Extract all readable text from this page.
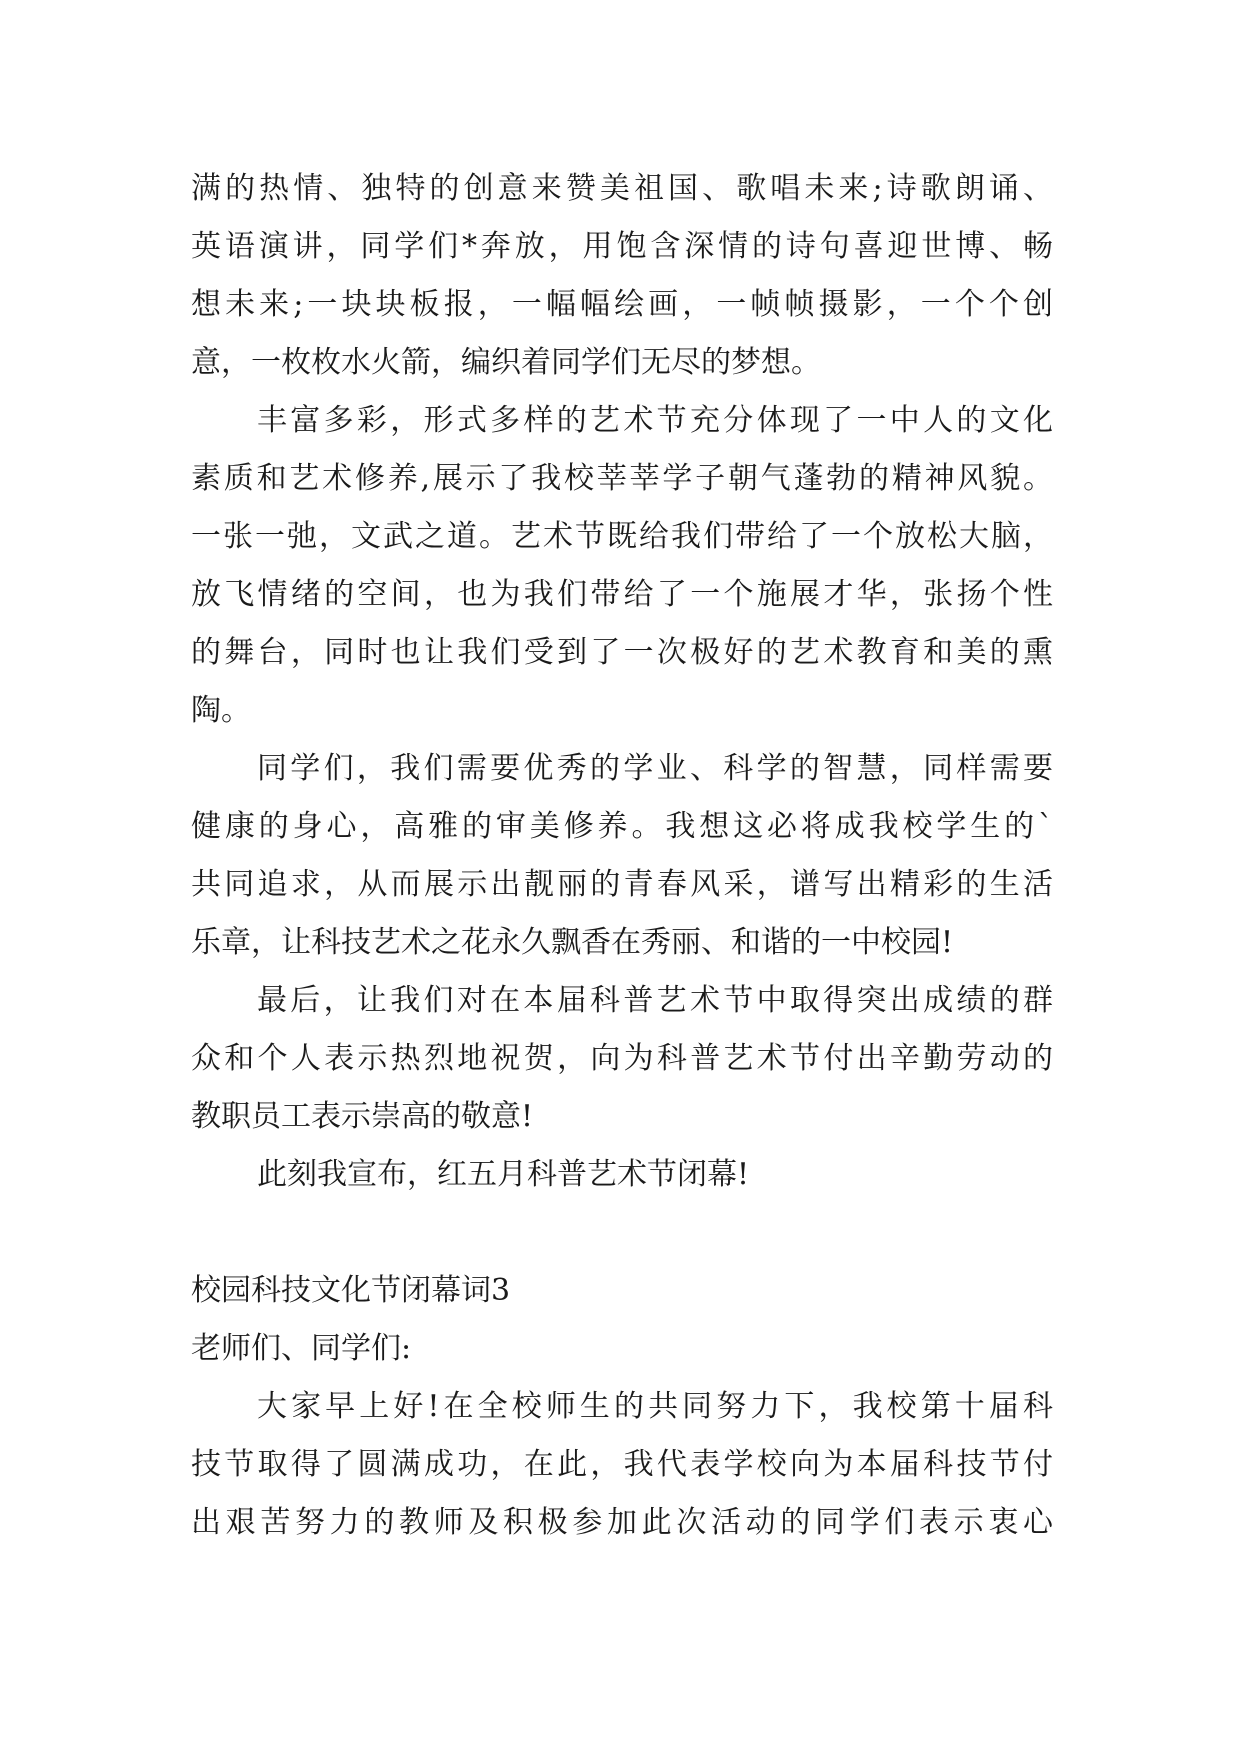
满的热情、独特的创意来赞美祖国、歌唱未来;诗歌朗诵、
英语演讲，同学们*奔放，用饱含深情的诗句喜迎世博、畅
想未来;一块块板报，一幅幅绘画，一帧帧摄影，一个个创
意，一枚枚水火箭，编织着同学们无尽的梦想。
丰富多彩，形式多样的艺术节充分体现了一中人的文化
素质和艺术修养,展示了我校莘莘学子朝气蓬勃的精神风貌。
一张一弛，文武之道。艺术节既给我们带给了一个放松大脑，
放飞情绪的空间，也为我们带给了一个施展才华，张扬个性
的舞台，同时也让我们受到了一次极好的艺术教育和美的熏
陶。
同学们，我们需要优秀的学业、科学的智慧，同样需要
健康的身心，高雅的审美修养。我想这必将成我校学生的`
共同追求，从而展示出靓丽的青春风采，谱写出精彩的生活
乐章，让科技艺术之花永久飘香在秀丽、和谐的一中校园!
最后，让我们对在本届科普艺术节中取得突出成绩的群
众和个人表示热烈地祝贺，向为科普艺术节付出辛勤劳动的
教职员工表示崇高的敬意!
此刻我宣布，红五月科普艺术节闭幕!
校园科技文化节闭幕词3
老师们、同学们:
大家早上好!在全校师生的共同努力下，我校第十届科
技节取得了圆满成功，在此，我代表学校向为本届科技节付
出艰苦努力的教师及积极参加此次活动的同学们表示衷心
